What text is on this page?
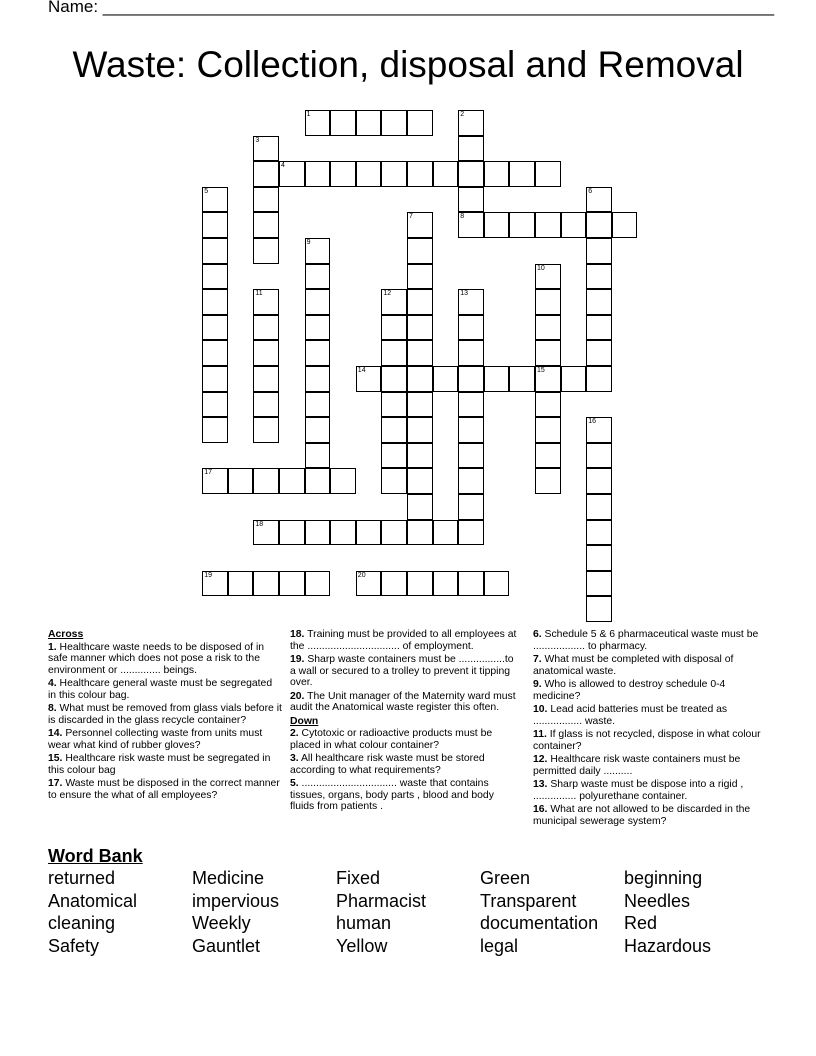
Name: _______________________________________________________________________
Waste: Collection, disposal and Removal
1	2
8
3
4
5	6
7
9
10
15
11	12	13
14
16
17
18
19	20

Across

1. Healthcare waste needs to be disposed of in safe manner which does not pose a risk to the environment or .............. beings.

4. Healthcare general waste must be segregated in this colour bag.

8. What must be removed from glass vials before it is discarded in the glass recycle container?

14. Personnel collecting waste from units must wear what kind of rubber gloves?

15. Healthcare risk waste must be segregated in this colour bag

17. Waste must be disposed in the correct manner to ensure the what of all employees?

18. Training must be provided to all employees at the ................................ of employment.

19. Sharp waste containers must be ................to a wall or secured to a trolley to prevent it tipping over.

20. The Unit manager of the Maternity ward must audit the Anatomical waste register this often.

Down

2. Cytotoxic or radioactive products must be placed in what colour container?

3. All healthcare risk waste must be stored according to what requirements?

5. ................................. waste that contains tissues, organs, body parts , blood and body fluids from patients .

6. Schedule 5 & 6 pharmaceutical waste must be .................. to pharmacy.

7. What must be completed with disposal of anatomical waste.

9. Who is allowed to destroy schedule 0-4 medicine?

10. Lead acid batteries must be treated as ................. waste.

11. If glass is not recycled, dispose in what colour container?

12. Healthcare risk waste containers must be permitted daily ..........

13. Sharp waste must be dispose into a rigid , ............... polyurethane container.

16. What are not allowed to be discarded in the municipal sewerage system?

Word Bank
returned	Medicine	Fixed	Green	beginning
Anatomical	impervious	Pharmacist	Transparent	Needles
cleaning	Weekly	human	documentation	Red
Safety	Gauntlet	Yellow	legal	Hazardous
